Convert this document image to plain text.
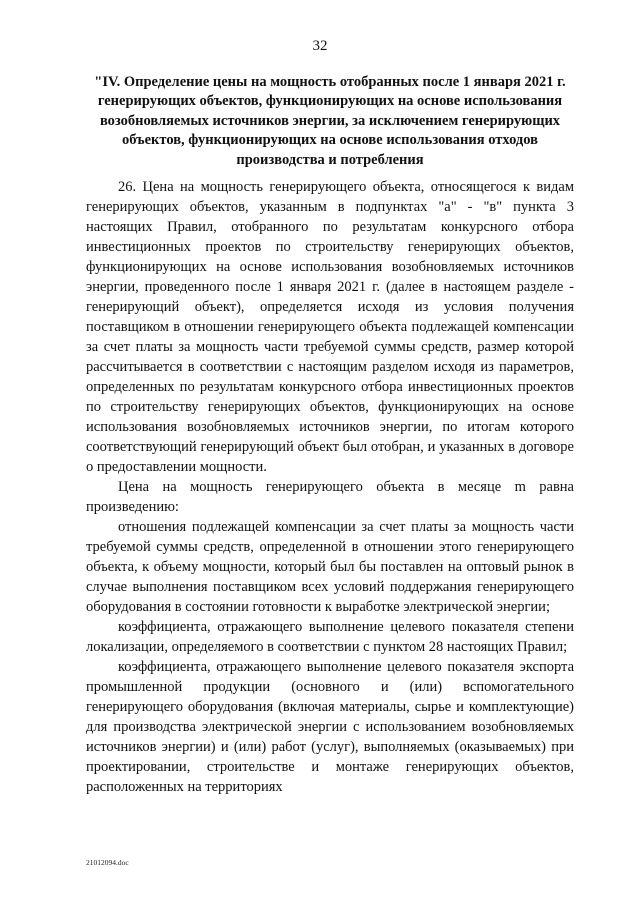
32
"IV. Определение цены на мощность отобранных после 1 января 2021 г. генерирующих объектов, функционирующих на основе использования возобновляемых источников энергии, за исключением генерирующих объектов, функционирующих на основе использования отходов производства и потребления

26. Цена на мощность генерирующего объекта, относящегося к видам генерирующих объектов, указанным в подпунктах "а" - "в" пункта 3 настоящих Правил, отобранного по результатам конкурсного отбора инвестиционных проектов по строительству генерирующих объектов, функционирующих на основе использования возобновляемых источников энергии, проведенного после 1 января 2021 г. (далее в настоящем разделе - генерирующий объект), определяется исходя из условия получения поставщиком в отношении генерирующего объекта подлежащей компенсации за счет платы за мощность части требуемой суммы средств, размер которой рассчитывается в соответствии с настоящим разделом исходя из параметров, определенных по результатам конкурсного отбора инвестиционных проектов по строительству генерирующих объектов, функционирующих на основе использования возобновляемых источников энергии, по итогам которого соответствующий генерирующий объект был отобран, и указанных в договоре о предоставлении мощности.

Цена на мощность генерирующего объекта в месяце m равна произведению:

отношения подлежащей компенсации за счет платы за мощность части требуемой суммы средств, определенной в отношении этого генерирующего объекта, к объему мощности, который был бы поставлен на оптовый рынок в случае выполнения поставщиком всех условий поддержания генерирующего оборудования в состоянии готовности к выработке электрической энергии;

коэффициента, отражающего выполнение целевого показателя степени локализации, определяемого в соответствии с пунктом 28 настоящих Правил;

коэффициента, отражающего выполнение целевого показателя экспорта промышленной продукции (основного и (или) вспомогательного генерирующего оборудования (включая материалы, сырье и комплектующие) для производства электрической энергии с использованием возобновляемых источников энергии) и (или) работ (услуг), выполняемых (оказываемых) при проектировании, строительстве и монтаже генерирующих объектов, расположенных на территориях

21012094.doc
